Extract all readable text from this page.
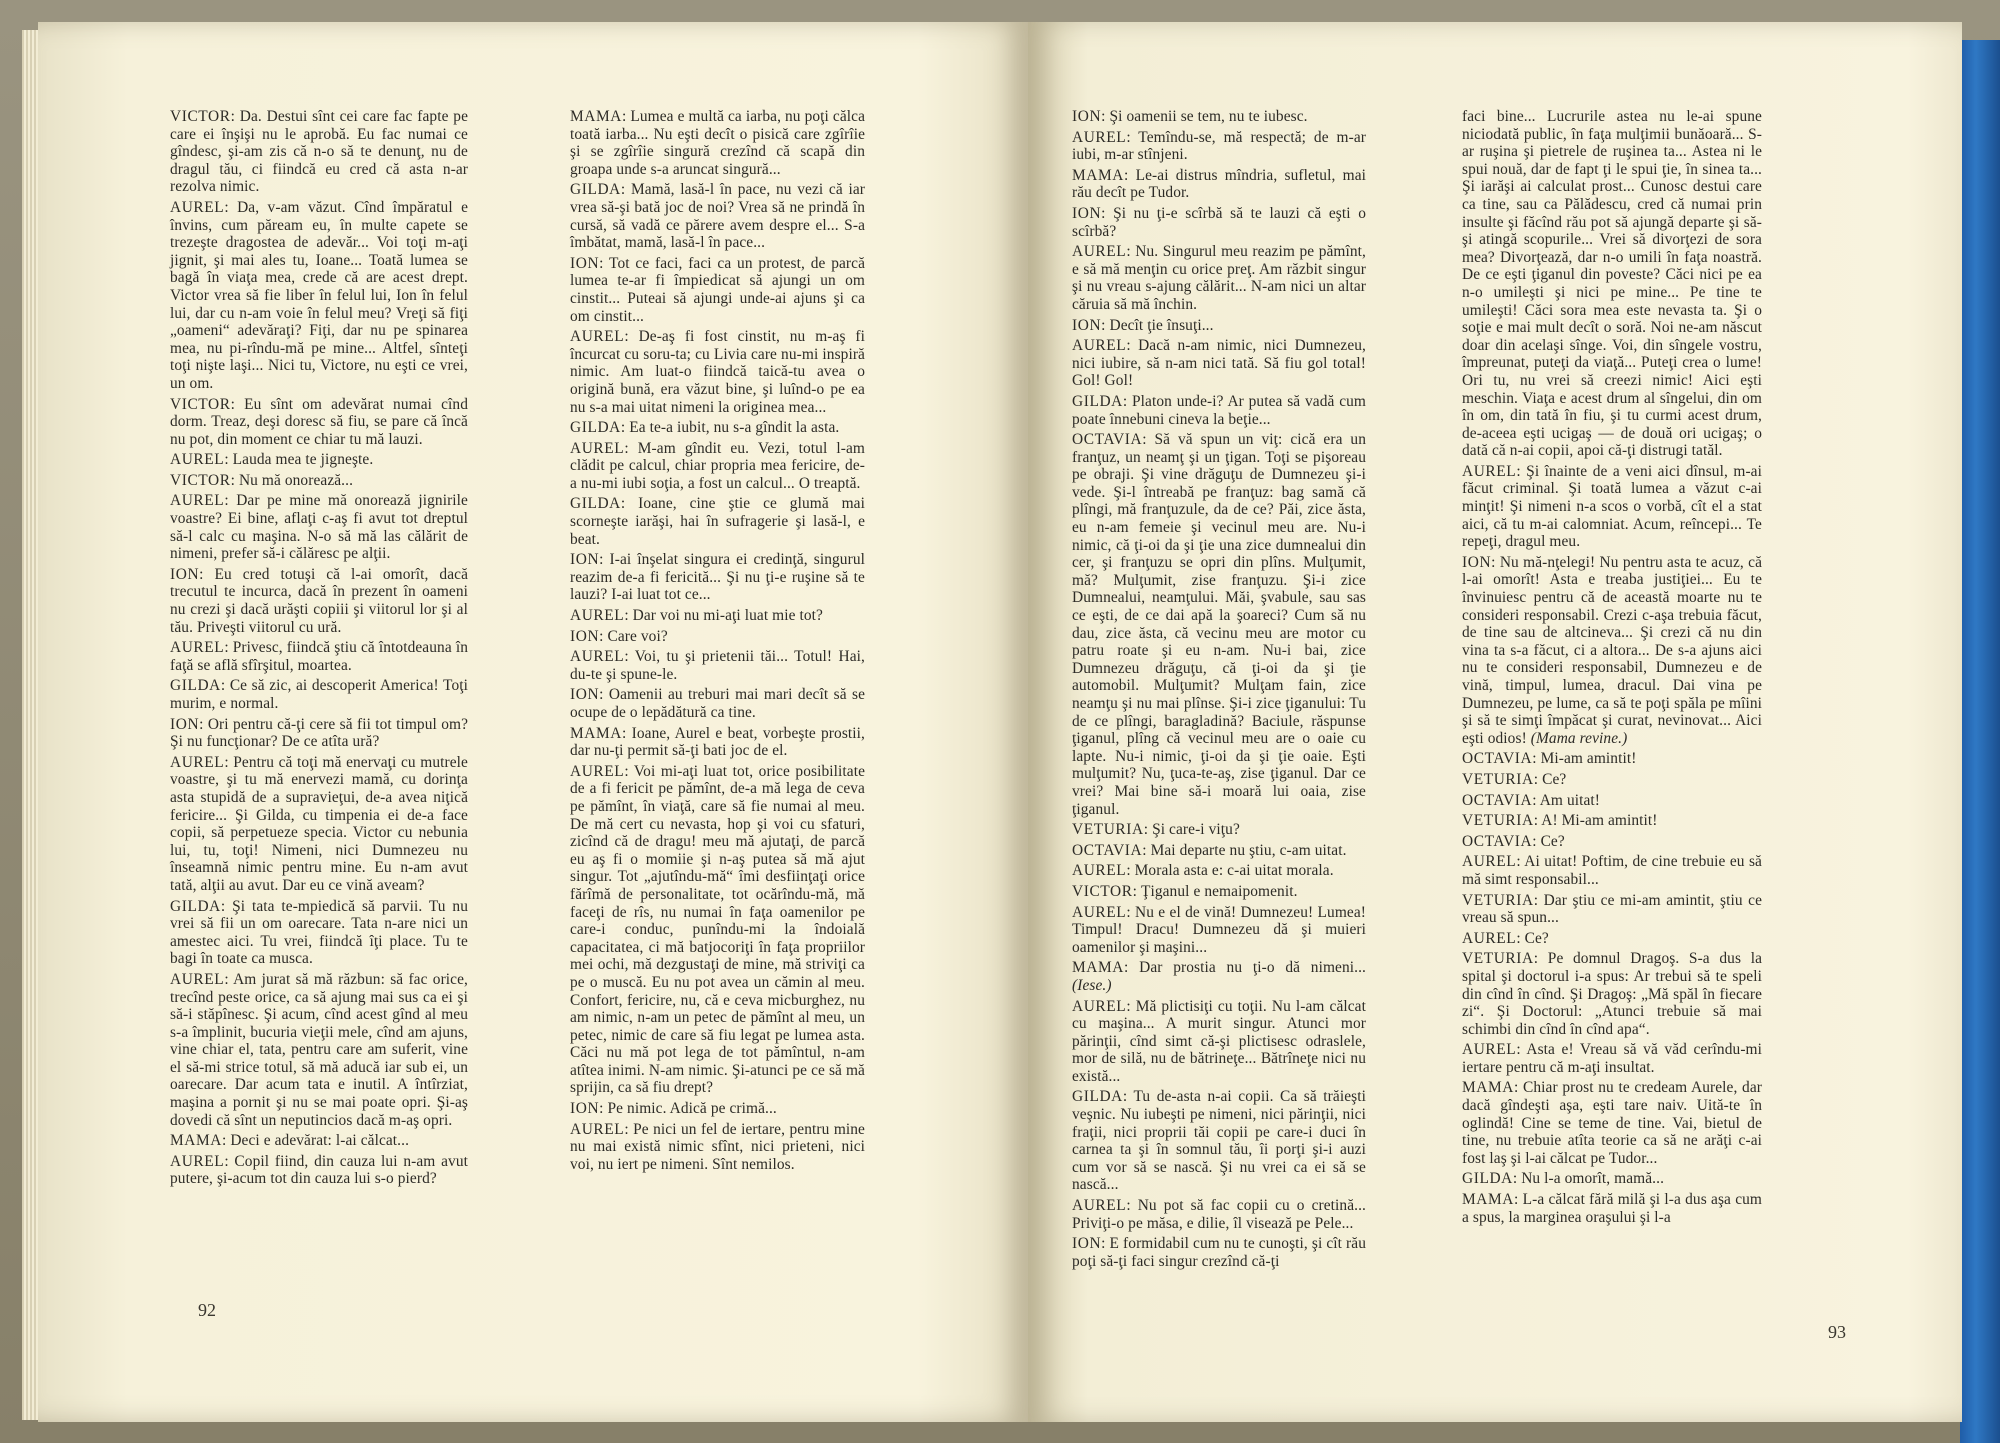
VICTOR: Da. Destui sînt cei care fac fapte pe care ei înşişi nu le aprobă. Eu fac numai ce gîndesc, şi-am zis că n-o să te denunţ, nu de dragul tău, ci fiindcă eu cred că asta n-ar rezolva nimic.

AUREL: Da, v-am văzut. Cînd împăratul e învins, cum păream eu, în multe capete se trezeşte dragostea de adevăr... Voi toţi m-aţi jignit, şi mai ales tu, Ioane... Toată lumea se bagă în viaţa mea, crede că are acest drept. Victor vrea să fie liber în felul lui, Ion în felul lui, dar cu n-am voie în felul meu? Vreţi să fiţi „oameni“ adevăraţi? Fiţi, dar nu pe spinarea mea, nu pi-rîndu-mă pe mine... Altfel, sînteţi toţi nişte laşi... Nici tu, Victore, nu eşti ce vrei, un om.

VICTOR: Eu sînt om adevărat numai cînd dorm. Treaz, deşi doresc să fiu, se pare că încă nu pot, din moment ce chiar tu mă lauzi.

AUREL: Lauda mea te jigneşte.

VICTOR: Nu mă onorează...

AUREL: Dar pe mine mă onorează jignirile voastre? Ei bine, aflaţi c-aş fi avut tot dreptul să-l calc cu maşina. N-o să mă las călărit de nimeni, prefer să-i călăresc pe alţii.

ION: Eu cred totuşi că l-ai omorît, dacă trecutul te incurca, dacă în prezent în oameni nu crezi şi dacă urăşti copiii şi viitorul lor şi al tău. Priveşti viitorul cu ură.

AUREL: Privesc, fiindcă ştiu că întotdeauna în faţă se află sfîrşitul, moartea.

GILDA: Ce să zic, ai descoperit America! Toţi murim, e normal.

ION: Ori pentru că-ţi cere să fii tot timpul om? Şi nu funcţionar? De ce atîta ură?

AUREL: Pentru că toţi mă enervaţi cu mutrele voastre, şi tu mă enervezi mamă, cu dorinţa asta stupidă de a supravieţui, de-a avea niţică fericire... Şi Gilda, cu timpenia ei de-a face copii, să perpetueze specia. Victor cu nebunia lui, tu, toţi! Nimeni, nici Dumnezeu nu înseamnă nimic pentru mine. Eu n-am avut tată, alţii au avut. Dar eu ce vină aveam?

GILDA: Şi tata te-mpiedică să parvii. Tu nu vrei să fii un om oarecare. Tata n-are nici un amestec aici. Tu vrei, fiindcă îţi place. Tu te bagi în toate ca musca.

AUREL: Am jurat să mă răzbun: să fac orice, trecînd peste orice, ca să ajung mai sus ca ei şi să-i stăpînesc. Şi acum, cînd acest gînd al meu s-a împlinit, bucuria vieţii mele, cînd am ajuns, vine chiar el, tata, pentru care am suferit, vine el să-mi strice totul, să mă aducă iar sub ei, un oarecare. Dar acum tata e inutil. A întîrziat, maşina a pornit şi nu se mai poate opri. Şi-aş dovedi că sînt un neputincios dacă m-aş opri.

MAMA: Deci e adevărat: l-ai călcat...

AUREL: Copil fiind, din cauza lui n-am avut putere, şi-acum tot din cauza lui s-o pierd?

MAMA: Lumea e multă ca iarba, nu poţi călca toată iarba... Nu eşti decît o pisică care zgîrîie şi se zgîrîie singură crezînd că scapă din groapa unde s-a aruncat singură...

GILDA: Mamă, lasă-l în pace, nu vezi că iar vrea să-şi bată joc de noi? Vrea să ne prindă în cursă, să vadă ce părere avem despre el... S-a îmbătat, mamă, lasă-l în pace...

ION: Tot ce faci, faci ca un protest, de parcă lumea te-ar fi împiedicat să ajungi un om cinstit... Puteai să ajungi unde-ai ajuns şi ca om cinstit...

AUREL: De-aş fi fost cinstit, nu m-aş fi încurcat cu soru-ta; cu Livia care nu-mi inspiră nimic. Am luat-o fiindcă taică-tu avea o origină bună, era văzut bine, şi luînd-o pe ea nu s-a mai uitat nimeni la originea mea...

GILDA: Ea te-a iubit, nu s-a gîndit la asta.

AUREL: M-am gîndit eu. Vezi, totul l-am clădit pe calcul, chiar propria mea fericire, de-a nu-mi iubi soţia, a fost un calcul... O treaptă.

GILDA: Ioane, cine ştie ce glumă mai scorneşte iarăşi, hai în sufragerie şi lasă-l, e beat.

ION: I-ai înşelat singura ei credinţă, singurul reazim de-a fi fericită... Şi nu ţi-e ruşine să te lauzi? I-ai luat tot ce...

AUREL: Dar voi nu mi-aţi luat mie tot?

ION: Care voi?

AUREL: Voi, tu şi prietenii tăi... Totul! Hai, du-te şi spune-le.

ION: Oamenii au treburi mai mari decît să se ocupe de o lepădătură ca tine.

MAMA: Ioane, Aurel e beat, vorbeşte prostii, dar nu-ţi permit să-ţi bati joc de el.

AUREL: Voi mi-aţi luat tot, orice posibilitate de a fi fericit pe pămînt, de-a mă lega de ceva pe pămînt, în viaţă, care să fie numai al meu. De mă cert cu nevasta, hop şi voi cu sfaturi, zicînd că de dragu! meu mă ajutaţi, de parcă eu aş fi o momiie şi n-aş putea să mă ajut singur. Tot „ajutîndu-mă“ îmi desfiinţaţi orice fărîmă de personalitate, tot ocărîndu-mă, mă faceţi de rîs, nu numai în faţa oamenilor pe care-i conduc, punîndu-mi la îndoială capacitatea, ci mă batjocoriţi în faţa propriilor mei ochi, mă dezgustaţi de mine, mă striviţi ca pe o muscă. Eu nu pot avea un cămin al meu. Confort, fericire, nu, că e ceva micburghez, nu am nimic, n-am un petec de pămînt al meu, un petec, nimic de care să fiu legat pe lumea asta. Căci nu mă pot lega de tot pămîntul, n-am atîtea inimi. N-am nimic. Şi-atunci pe ce să mă sprijin, ca să fiu drept?

ION: Pe nimic. Adică pe crimă...

AUREL: Pe nici un fel de iertare, pentru mine nu mai există nimic sfînt, nici prieteni, nici voi, nu iert pe nimeni. Sînt nemilos.

ION: Şi oamenii se tem, nu te iubesc.

AUREL: Temîndu-se, mă respectă; de m-ar iubi, m-ar stînjeni.

MAMA: Le-ai distrus mîndria, sufletul, mai rău decît pe Tudor.

ION: Şi nu ţi-e scîrbă să te lauzi că eşti o scîrbă?

AUREL: Nu. Singurul meu reazim pe pămînt, e să mă menţin cu orice preţ. Am răzbit singur şi nu vreau s-ajung călărit... N-am nici un altar căruia să mă închin.

ION: Decît ţie însuţi...

AUREL: Dacă n-am nimic, nici Dumnezeu, nici iubire, să n-am nici tată. Să fiu gol total! Gol! Gol!

GILDA: Platon unde-i? Ar putea să vadă cum poate înnebuni cineva la beţie...

OCTAVIA: Să vă spun un viţ: cică era un franţuz, un neamţ şi un ţigan. Toţi se pişoreau pe obraji. Şi vine drăguţu de Dumnezeu şi-i vede. Şi-l întreabă pe franţuz: bag samă că plîngi, mă franţuzule, da de ce? Păi, zice ăsta, eu n-am femeie şi vecinul meu are. Nu-i nimic, că ţi-oi da şi ţie una zice dumnealui din cer, şi franţuzu se opri din plîns. Mulţumit, mă? Mulţumit, zise franţuzu. Şi-i zice Dumnealui, neamţului. Măi, şvabule, sau sas ce eşti, de ce dai apă la şoareci? Cum să nu dau, zice ăsta, că vecinu meu are motor cu patru roate şi eu n-am. Nu-i bai, zice Dumnezeu drăguţu, că ţi-oi da şi ţie automobil. Mulţumit? Mulţam fain, zice neamţu şi nu mai plînse. Şi-i zice ţiganului: Tu de ce plîngi, baragladină? Baciule, răspunse ţiganul, plîng că vecinul meu are o oaie cu lapte. Nu-i nimic, ţi-oi da şi ţie oaie. Eşti mulţumit? Nu, ţuca-te-aş, zise ţiganul. Dar ce vrei? Mai bine să-i moară lui oaia, zise ţiganul.

VETURIA: Şi care-i viţu?

OCTAVIA: Mai departe nu ştiu, c-am uitat.

AUREL: Morala asta e: c-ai uitat morala.

VICTOR: Ţiganul e nemaipomenit.

AUREL: Nu e el de vină! Dumnezeu! Lumea! Timpul! Dracu! Dumnezeu dă şi muieri oamenilor şi maşini...

MAMA: Dar prostia nu ţi-o dă nimeni... (Iese.)

AUREL: Mă plictisiţi cu toţii. Nu l-am călcat cu maşina... A murit singur. Atunci mor părinţii, cînd simt că-şi plictisesc odraslele, mor de silă, nu de bătrineţe... Bătrîneţe nici nu există...

GILDA: Tu de-asta n-ai copii. Ca să trăieşti veşnic. Nu iubeşti pe nimeni, nici părinţii, nici fraţii, nici proprii tăi copii pe care-i duci în carnea ta şi în somnul tău, îi porţi şi-i auzi cum vor să se nască. Şi nu vrei ca ei să se nască...

AUREL: Nu pot să fac copii cu o cretină... Priviţi-o pe măsa, e dilie, îl visează pe Pele...

ION: E formidabil cum nu te cunoşti, şi cît rău poţi să-ţi faci singur crezînd că-ţi

faci bine... Lucrurile astea nu le-ai spune niciodată public, în faţa mulţimii bunăoară... S-ar ruşina şi pietrele de ruşinea ta... Astea ni le spui nouă, dar de fapt ţi le spui ţie, în sinea ta... Şi iarăşi ai calculat prost... Cunosc destui care ca tine, sau ca Pălădescu, cred că numai prin insulte şi făcînd rău pot să ajungă departe şi să-şi atingă scopurile... Vrei să divorţezi de sora mea? Divorţează, dar n-o umili în faţa noastră. De ce eşti ţiganul din poveste? Căci nici pe ea n-o umileşti şi nici pe mine... Pe tine te umileşti! Căci sora mea este nevasta ta. Şi o soţie e mai mult decît o soră. Noi ne-am născut doar din acelaşi sînge. Voi, din sîngele vostru, împreunat, puteţi da viaţă... Puteţi crea o lume! Ori tu, nu vrei să creezi nimic! Aici eşti meschin. Viaţa e acest drum al sîngelui, din om în om, din tată în fiu, şi tu curmi acest drum, de-aceea eşti ucigaş — de două ori ucigaş; o dată că n-ai copii, apoi că-ţi distrugi tatăl.

AUREL: Şi înainte de a veni aici dînsul, m-ai făcut criminal. Şi toată lumea a văzut c-ai minţit! Şi nimeni n-a scos o vorbă, cît el a stat aici, că tu m-ai calomniat. Acum, reîncepi... Te repeţi, dragul meu.

ION: Nu mă-nţelegi! Nu pentru asta te acuz, că l-ai omorît! Asta e treaba justiţiei... Eu te învinuiesc pentru că de această moarte nu te consideri responsabil. Crezi c-aşa trebuia făcut, de tine sau de altcineva... Şi crezi că nu din vina ta s-a făcut, ci a altora... De s-a ajuns aici nu te consideri responsabil, Dumnezeu e de vină, timpul, lumea, dracul. Dai vina pe Dumnezeu, pe lume, ca să te poţi spăla pe mîini şi să te simţi împăcat şi curat, nevinovat... Aici eşti odios! (Mama revine.)

OCTAVIA: Mi-am amintit!

VETURIA: Ce?

OCTAVIA: Am uitat!

VETURIA: A! Mi-am amintit!

OCTAVIA: Ce?

AUREL: Ai uitat! Poftim, de cine trebuie eu să mă simt responsabil...

VETURIA: Dar ştiu ce mi-am amintit, ştiu ce vreau să spun...

AUREL: Ce?

VETURIA: Pe domnul Dragoş. S-a dus la spital şi doctorul i-a spus: Ar trebui să te speli din cînd în cînd. Şi Dragoş: „Mă spăl în fiecare zi“. Şi Doctorul: „Atunci trebuie să mai schimbi din cînd în cînd apa“.

AUREL: Asta e! Vreau să vă văd cerîndu-mi iertare pentru că m-aţi insultat.

MAMA: Chiar prost nu te credeam Aurele, dar dacă gîndeşti aşa, eşti tare naiv. Uită-te în oglindă! Cine se teme de tine. Vai, bietul de tine, nu trebuie atîta teorie ca să ne arăţi c-ai fost laş şi l-ai călcat pe Tudor...

GILDA: Nu l-a omorît, mamă...

MAMA: L-a călcat fără milă şi l-a dus aşa cum a spus, la marginea oraşului şi l-a

92
93
